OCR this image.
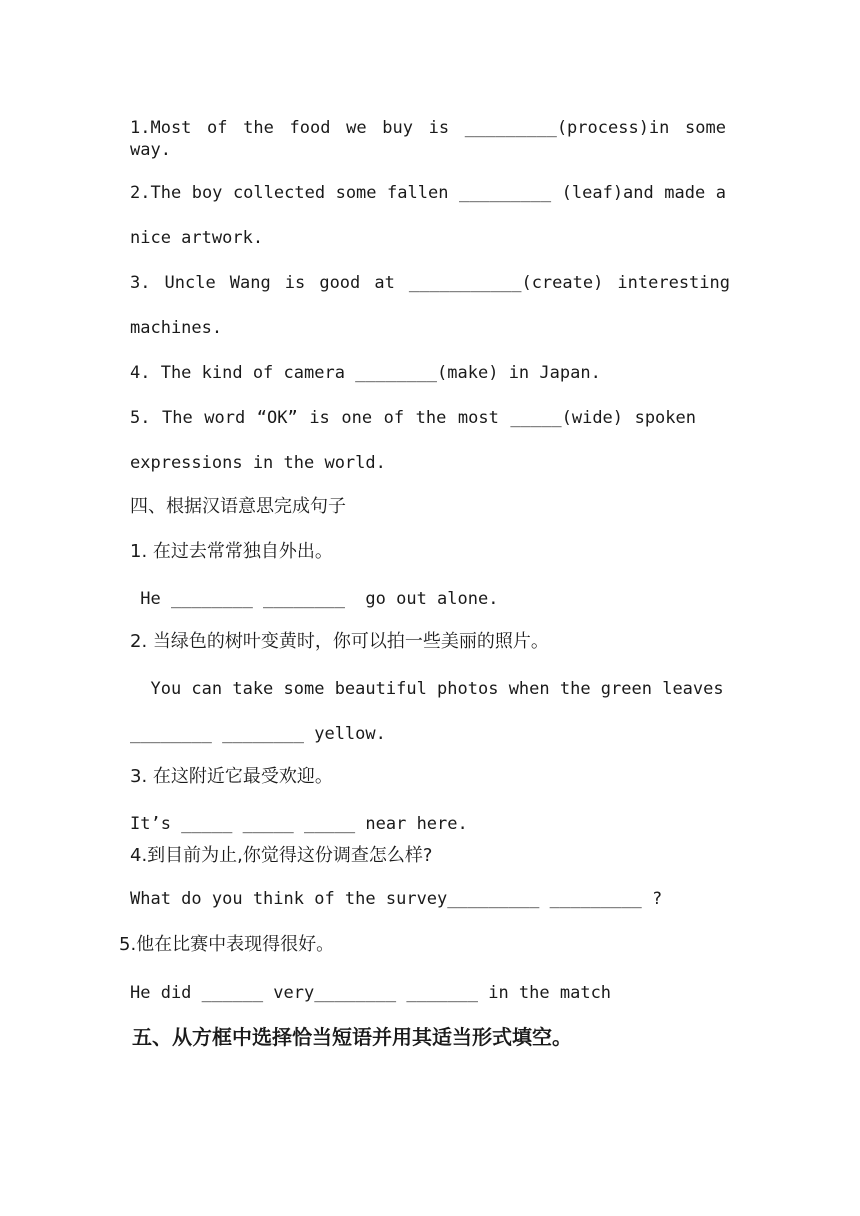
1.Most of the food we buy is _________(process)in some way.
2.The boy collected some fallen _________ (leaf)and made a
nice artwork.
3. Uncle Wang is good at ___________(create) interesting
machines.
4. The kind of camera ________(make) in Japan.
5. The word “OK” is one of the most _____(wide) spoken
expressions in the world.
四、根据汉语意思完成句子
1. 在过去常常独自外出。
He ________ ________  go out alone.
2. 当绿色的树叶变黄时，你可以拍一些美丽的照片。
You can take some beautiful photos when the green leaves
________ ________ yellow.
3. 在这附近它最受欢迎。
It’s _____ _____ _____ near here.
4.到目前为止,你觉得这份调查怎么样?
What do you think of the survey_________ _________ ?
5.他在比赛中表现得很好。
He did ______ very________ _______ in the match
五、从方框中选择恰当短语并用其适当形式填空。
